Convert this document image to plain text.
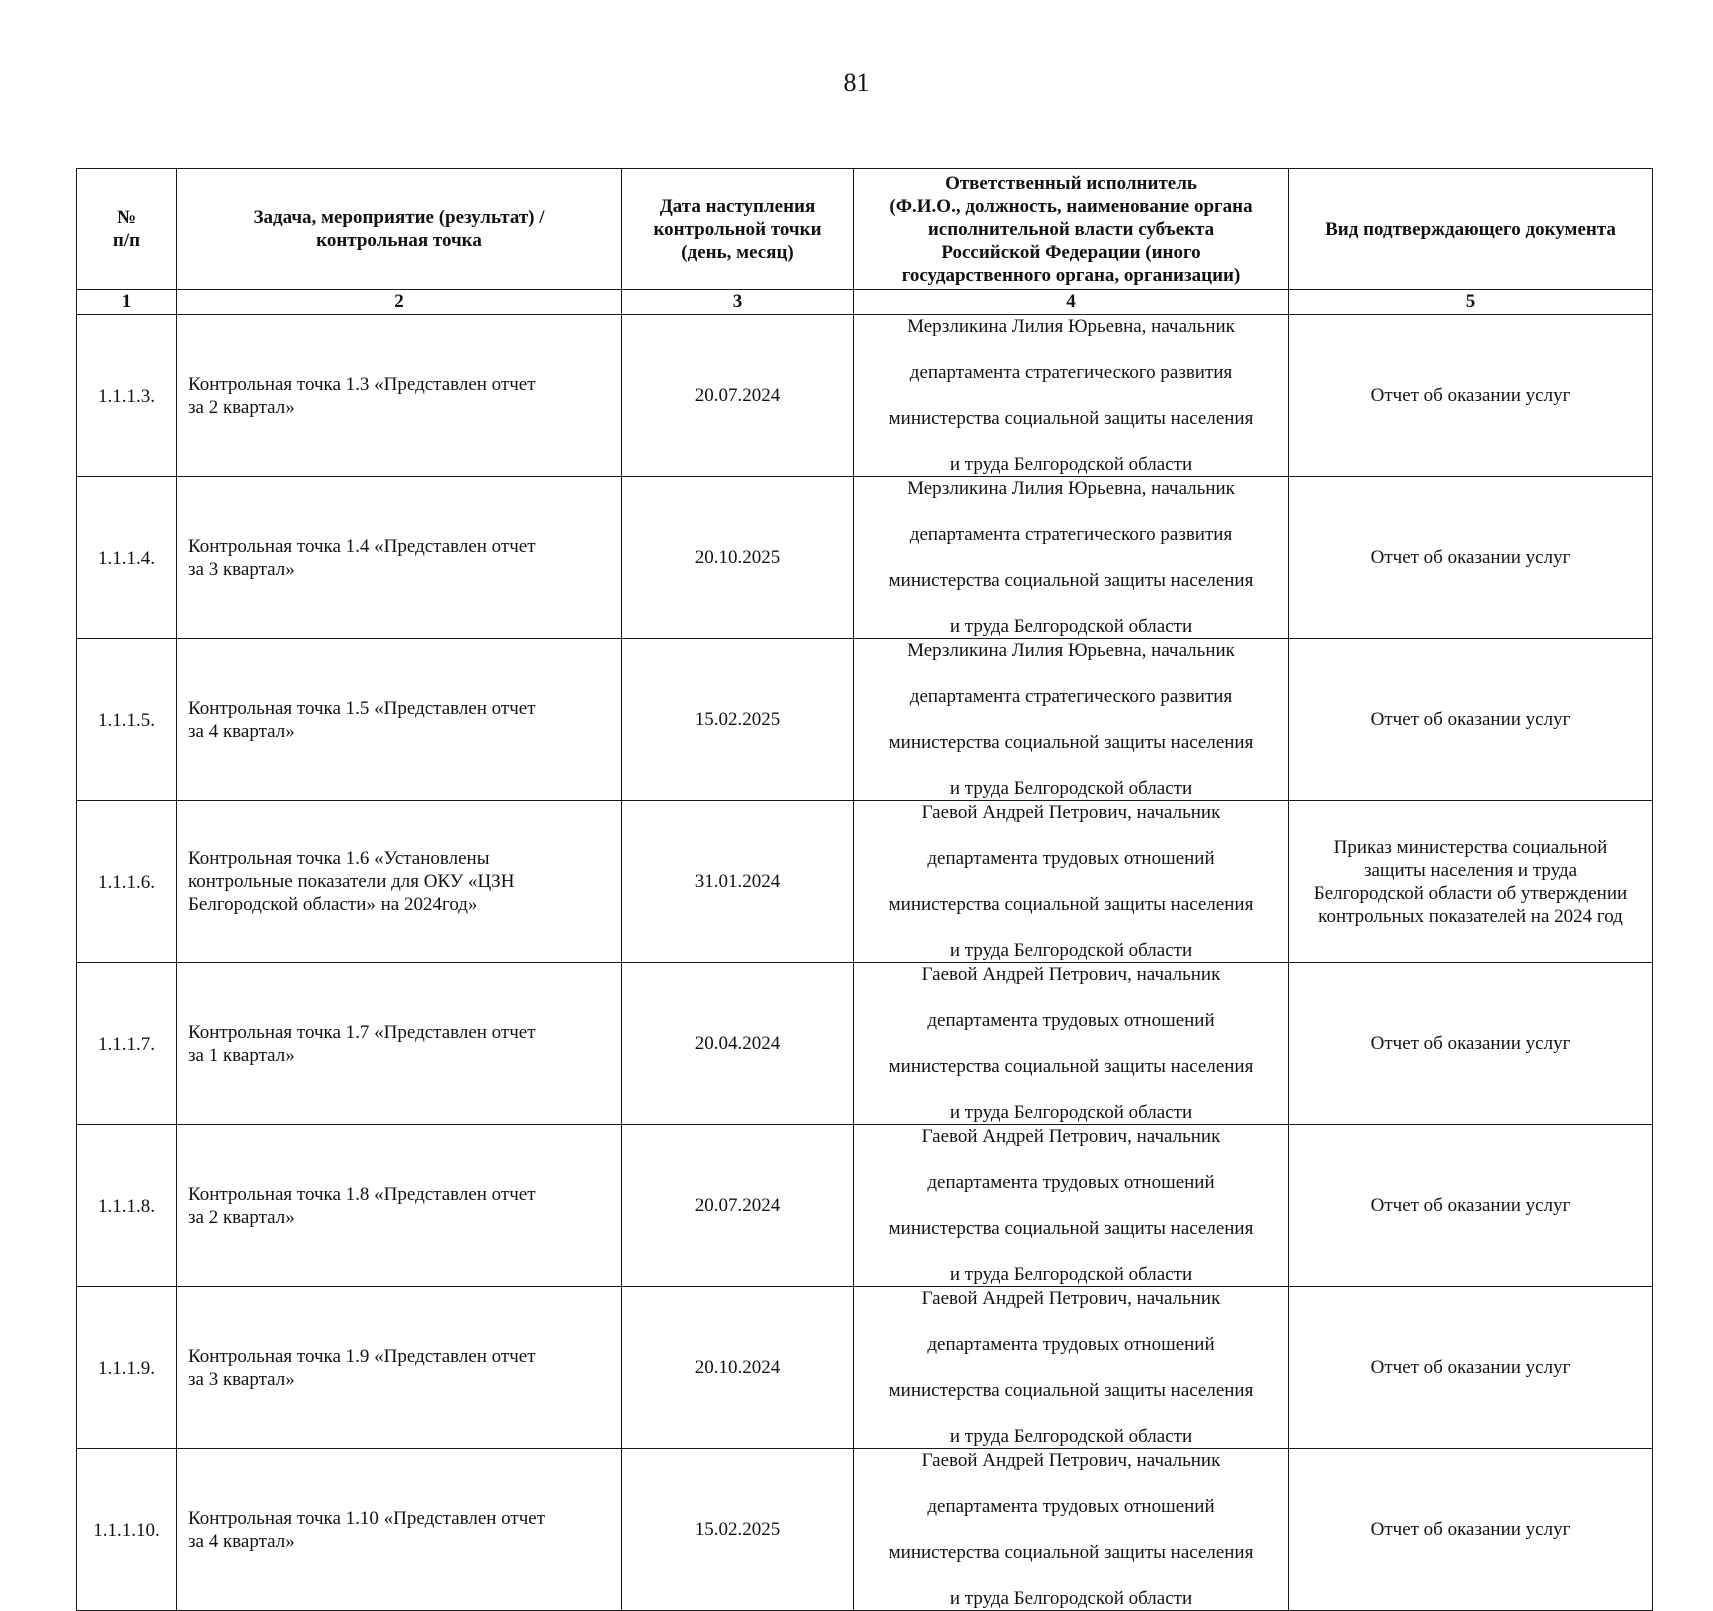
81
№
п/п	Задача, мероприятие (результат) /
контрольная точка	Дата наступления
контрольной точки
(день, месяц)	Ответственный исполнитель
(Ф.И.О., должность, наименование органа
исполнительной власти субъекта
Российской Федерации (иного
государственного органа, организации)	Вид подтверждающего документа
1	2	3	4	5
1.1.1.3.	Контрольная точка 1.3 «Представлен отчет
за 2 квартал»	20.07.2024	Мерзликина Лилия Юрьевна, начальник

департамента стратегического развития

министерства социальной защиты населения

и труда Белгородской области	Отчет об оказании услуг
1.1.1.4.	Контрольная точка 1.4 «Представлен отчет
за 3 квартал»	20.10.2025	Мерзликина Лилия Юрьевна, начальник

департамента стратегического развития

министерства социальной защиты населения

и труда Белгородской области	Отчет об оказании услуг
1.1.1.5.	Контрольная точка 1.5 «Представлен отчет
за 4 квартал»	15.02.2025	Мерзликина Лилия Юрьевна, начальник

департамента стратегического развития

министерства социальной защиты населения

и труда Белгородской области	Отчет об оказании услуг
1.1.1.6.	Контрольная точка 1.6 «Установлены
контрольные показатели для ОКУ «ЦЗН
Белгородской области» на 2024год»	31.01.2024	Гаевой Андрей Петрович, начальник

департамента трудовых отношений

министерства социальной защиты населения

и труда Белгородской области	Приказ министерства социальной
защиты населения и труда
Белгородской области об утверждении
контрольных показателей на 2024 год
1.1.1.7.	Контрольная точка 1.7 «Представлен отчет
за 1 квартал»	20.04.2024	Гаевой Андрей Петрович, начальник

департамента трудовых отношений

министерства социальной защиты населения

и труда Белгородской области	Отчет об оказании услуг
1.1.1.8.	Контрольная точка 1.8 «Представлен отчет
за 2 квартал»	20.07.2024	Гаевой Андрей Петрович, начальник

департамента трудовых отношений

министерства социальной защиты населения

и труда Белгородской области	Отчет об оказании услуг
1.1.1.9.	Контрольная точка 1.9 «Представлен отчет
за 3 квартал»	20.10.2024	Гаевой Андрей Петрович, начальник

департамента трудовых отношений

министерства социальной защиты населения

и труда Белгородской области	Отчет об оказании услуг
1.1.1.10.	Контрольная точка 1.10 «Представлен отчет
за 4 квартал»	15.02.2025	Гаевой Андрей Петрович, начальник

департамента трудовых отношений

министерства социальной защиты населения

и труда Белгородской области	Отчет об оказании услуг
